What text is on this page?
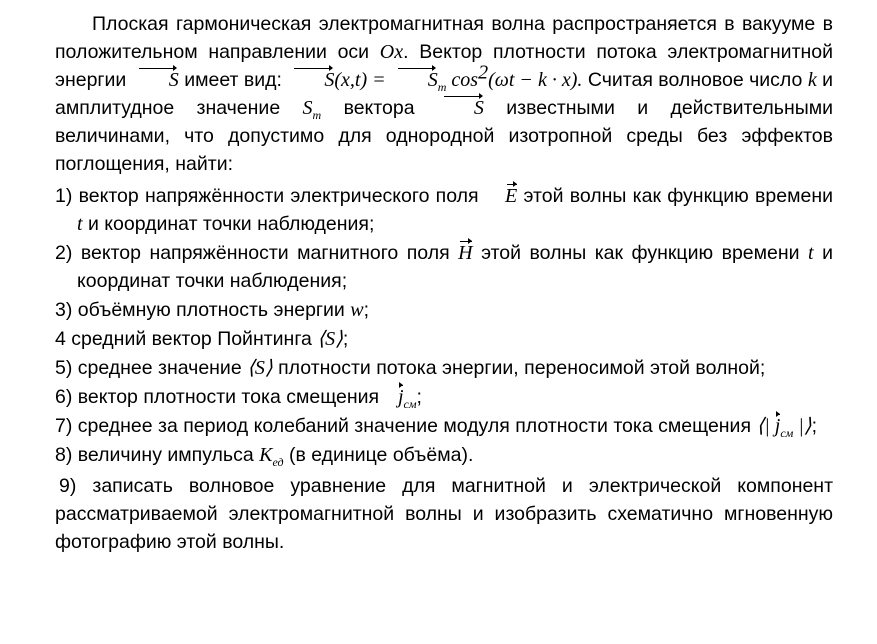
Плоская гармоническая электромагнитная волна распространяется в вакууме в положительном направлении оси Ox. Вектор плотности потока электромагнитной энергии S имеет вид: $S(x,t) = S_m$ $\cos^2(\omega t - k \cdot x)$. Считая волновое число k и амплитудное значение $S_m$ вектора	S известными и действительными величинами, что допустимо для однородной изотропной среды без эффектов поглощения, найти:

1) вектор напряжённости электрического поля E этой волны как функцию времени t и координат точки наблюдения;

2) вектор напряжённости магнитного поля H этой волны как функцию времени t и координат точки наблюдения;

3) объёмную плотность энергии w;

4 средний вектор Пойнтинга ⟨S⟩;

5) среднее значение ⟨S⟩ плотности потока энергии, переносимой этой волной;

6) вектор плотности тока смещения $j_{см}$;

7) среднее за период колебаний значение модуля плотности тока смещения ⟨| $j_{см}$ |⟩;

8) величину импульса $K_{ед}$ (в единице объёма).

9) записать волновое уравнение для магнитной и электрической компонент рассматриваемой электромагнитной волны и изобразить схематично мгновенную фотографию этой волны.
